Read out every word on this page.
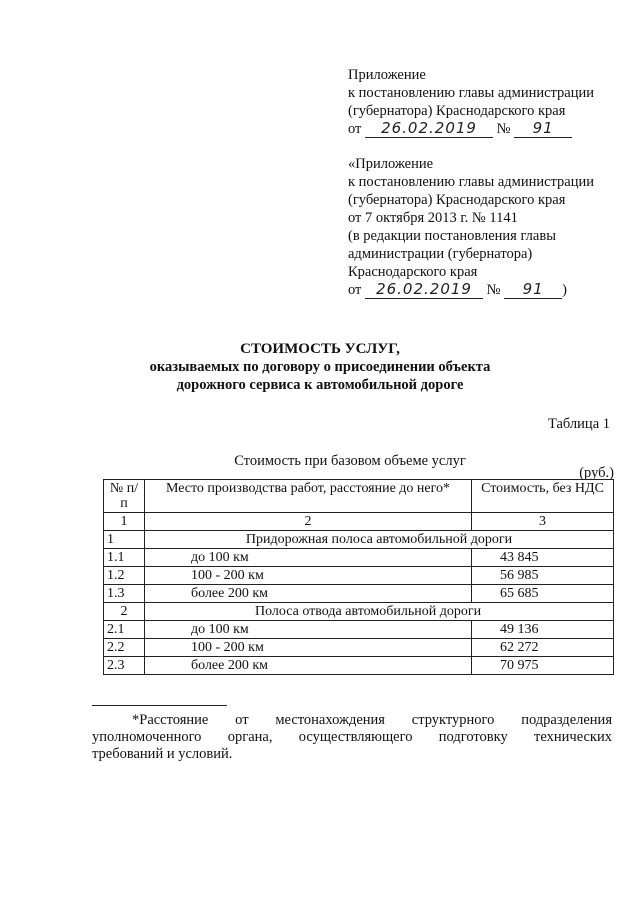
Приложение
к постановлению главы администрации
(губернатора) Краснодарского края
от 26.02.2019 № 91
«Приложение
к постановлению главы администрации
(губернатора) Краснодарского края
от 7 октября 2013 г. № 1141
(в редакции постановления главы
администрации (губернатора)
Краснодарского края
от 26.02.2019 № 91 )
СТОИМОСТЬ УСЛУГ,
оказываемых по договору о присоединении объекта
дорожного сервиса к автомобильной дороге
Таблица 1
Стоимость при базовом объеме услуг
(руб.)
№ п/п	Место производства работ, расстояние до него*	Стоимость, без НДС
1	2	3
1	Придорожная полоса автомобильной дороги	
1.1	до 100 км	43 845
1.2	100 - 200 км	56 985
1.3	более 200 км	65 685
2	Полоса отвода автомобильной дороги	
2.1	до 100 км	49 136
2.2	100 - 200 км	62 272
2.3	более 200 км	70 975
*Расстояние от местонахождения структурного подразделения
уполномоченного органа, осуществляющего подготовку технических
требований и условий.
